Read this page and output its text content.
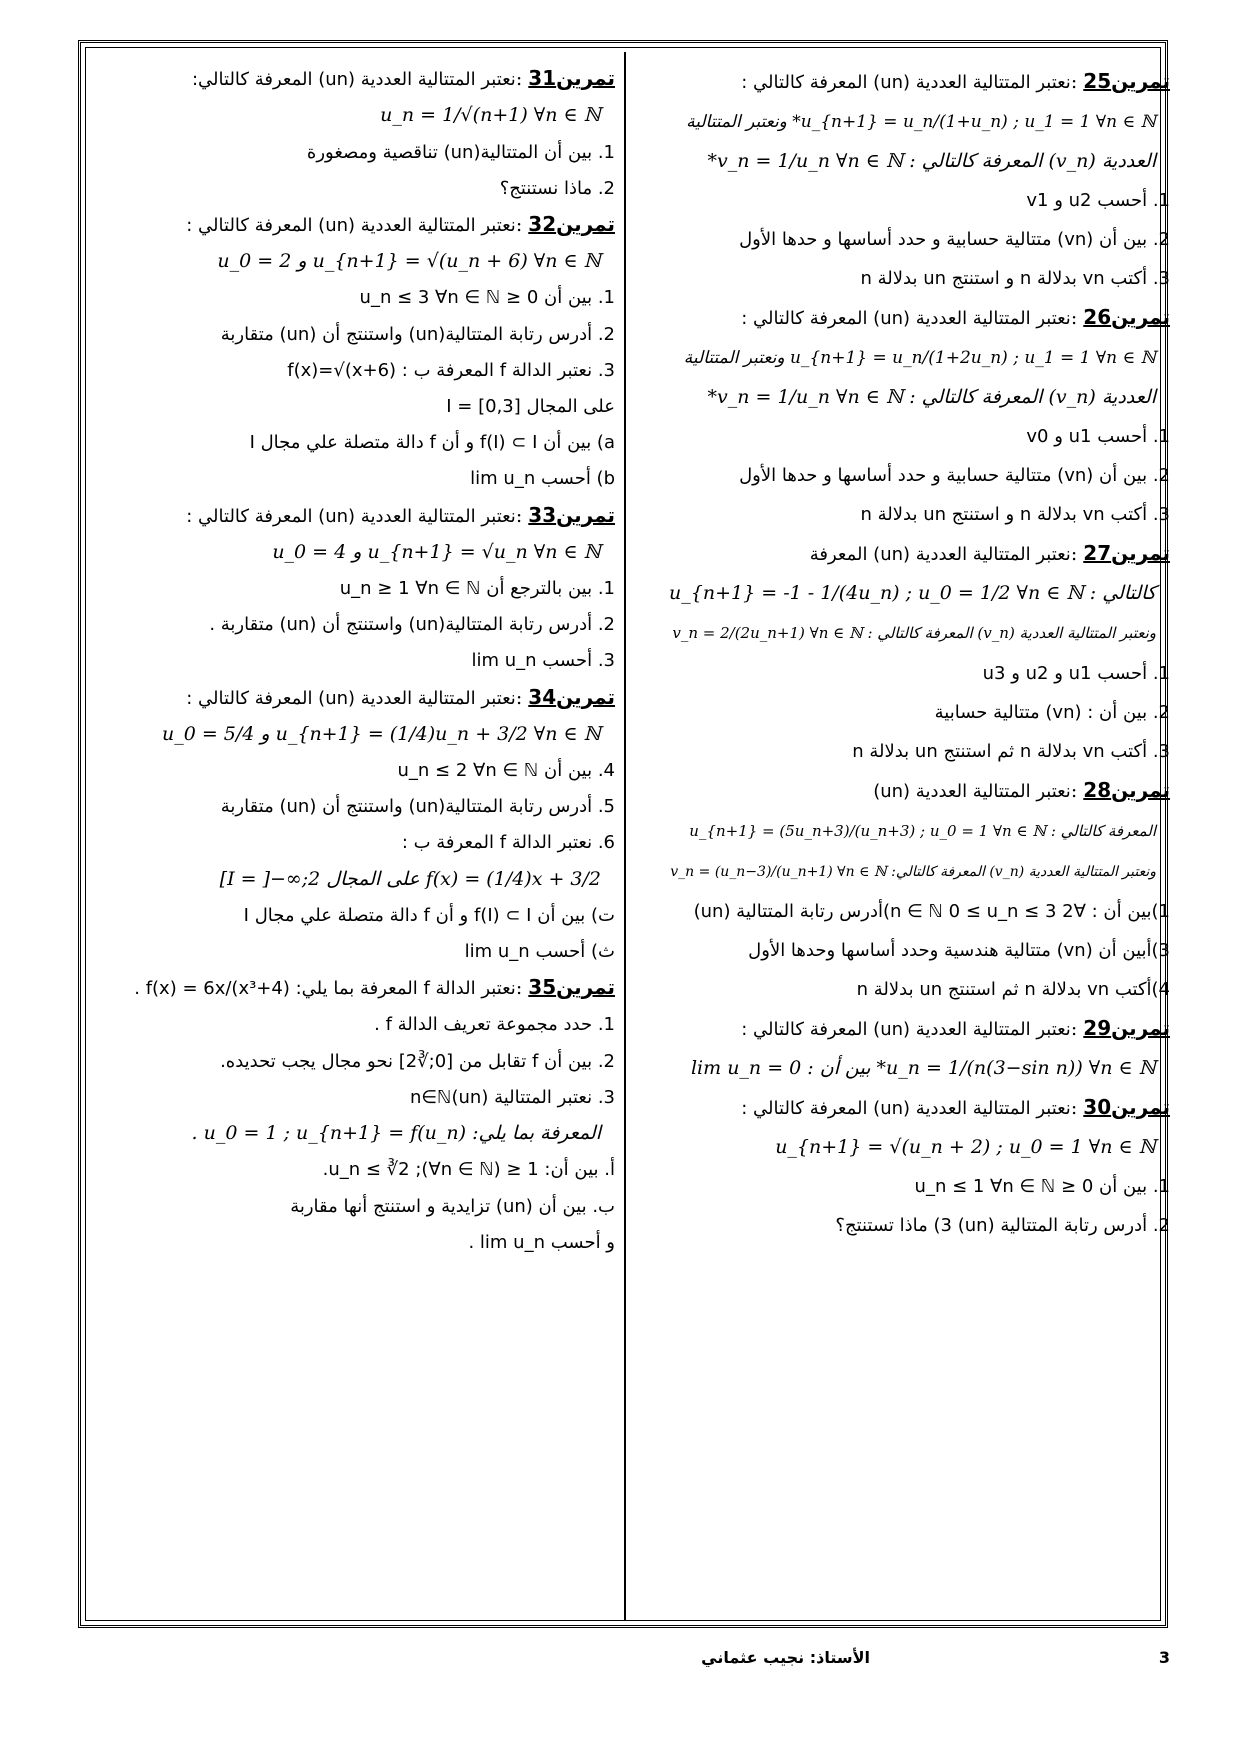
تمرين25 :نعتبر المتتالية العددية (un) المعرفة كالتالي :
u_{n+1} = u_n/(1+u_n) ; u_1 = 1 ∀n ∈ ℕ* ونعتبر المتتالية
العددية (v_n) المعرفة كالتالي : v_n = 1/u_n ∀n ∈ ℕ*
1. أحسب u2 و v1
2. بين أن (vn) متتالية حسابية و حدد أساسها و حدها الأول
3. أكتب vn بدلالة n و استنتج un بدلالة n
تمرين26 :نعتبر المتتالية العددية (un) المعرفة كالتالي :
u_{n+1} = u_n/(1+2u_n) ; u_1 = 1 ∀n ∈ ℕ ونعتبر المتتالية
العددية (v_n) المعرفة كالتالي : v_n = 1/u_n ∀n ∈ ℕ*
1. أحسب u1 و v0
2. بين أن (vn) متتالية حسابية و حدد أساسها و حدها الأول
3. أكتب vn بدلالة n و استنتج un بدلالة n
تمرين27 :نعتبر المتتالية العددية (un) المعرفة
كالتالي : u_{n+1} = -1 - 1/(4u_n) ; u_0 = 1/2 ∀n ∈ ℕ
ونعتبر المتتالية العددية (v_n) المعرفة كالتالي : v_n = 2/(2u_n+1) ∀n ∈ ℕ
1. أحسب u1 و u2 و u3
2. بين أن : (vn) متتالية حسابية
3. أكتب vn بدلالة n ثم استنتج un بدلالة n
تمرين28 :نعتبر المتتالية العددية (un)
المعرفة كالتالي : u_{n+1} = (5u_n+3)/(u_n+3) ; u_0 = 1 ∀n ∈ ℕ
ونعتبر المتتالية العددية (v_n) المعرفة كالتالي: v_n = (u_n−3)/(u_n+1) ∀n ∈ ℕ
1)بين أن : ∀n ∈ ℕ 0 ≤ u_n ≤ 3 2)أدرس رتابة المتتالية (un)
3)أبين أن (vn) متتالية هندسية وحدد أساسها وحدها الأول
4)أكتب vn بدلالة n ثم استنتج un بدلالة n
تمرين29 :نعتبر المتتالية العددية (un) المعرفة كالتالي :
u_n = 1/(n(3−sin n)) ∀n ∈ ℕ* بين أن : lim u_n = 0
تمرين30 :نعتبر المتتالية العددية (un) المعرفة كالتالي :
u_{n+1} = √(u_n + 2) ; u_0 = 1 ∀n ∈ ℕ
1. بين أن 0 ≤ u_n ≤ 1 ∀n ∈ ℕ
2. أدرس رتابة المتتالية (un) 3) ماذا تستنتج؟
تمرين31 :نعتبر المتتالية العددية (un) المعرفة كالتالي:
u_n = 1/√(n+1) ∀n ∈ ℕ
1. بين أن المتتالية(un) تناقصية ومصغورة
2. ماذا نستنتج؟
تمرين32 :نعتبر المتتالية العددية (un) المعرفة كالتالي :
u_{n+1} = √(u_n + 6) ∀n ∈ ℕ و u_0 = 2
1. بين أن 0 ≤ u_n ≤ 3 ∀n ∈ ℕ
2. أدرس رتابة المتتالية(un) واستنتج أن (un) متقاربة
3. نعتبر الدالة f المعرفة ب : f(x)=√(x+6)
على المجال I = [0,3]
a) بين أن f(I) ⊂ I و أن f دالة متصلة علي مجال I
b) أحسب lim u_n
تمرين33 :نعتبر المتتالية العددية (un) المعرفة كالتالي :
u_{n+1} = √u_n ∀n ∈ ℕ و u_0 = 4
1. بين بالترجع أن u_n ≥ 1 ∀n ∈ ℕ
2. أدرس رتابة المتتالية(un) واستنتج أن (un) متقاربة .
3. أحسب lim u_n
تمرين34 :نعتبر المتتالية العددية (un) المعرفة كالتالي :
u_{n+1} = (1/4)u_n + 3/2 ∀n ∈ ℕ و u_0 = 5/4
4. بين أن u_n ≤ 2 ∀n ∈ ℕ
5. أدرس رتابة المتتالية(un) واستنتج أن (un) متقاربة
6. نعتبر الدالة f المعرفة ب :
f(x) = (1/4)x + 3/2 على المجال I = ]−∞;2]
ت) بين أن f(I) ⊂ I و أن f دالة متصلة علي مجال I
ث) أحسب lim u_n
تمرين35 :نعتبر الدالة f المعرفة بما يلي: f(x) = 6x/(x³+4) .
1. حدد مجموعة تعريف الدالة f .
2. بين أن f تقابل من [0;∛2] نحو مجال يجب تحديده.
3. نعتبر المتتالية (un)n∈ℕ
المعرفة بما يلي: u_0 = 1 ; u_{n+1} = f(u_n) .
أ. بين أن: 1 ≤ u_n ≤ ∛2 ;(∀n ∈ ℕ).
ب. بين أن (un) تزايدية و استنتج أنها مقاربة
و أحسب lim u_n .
الأستاذ: نجيب عثماني	3
